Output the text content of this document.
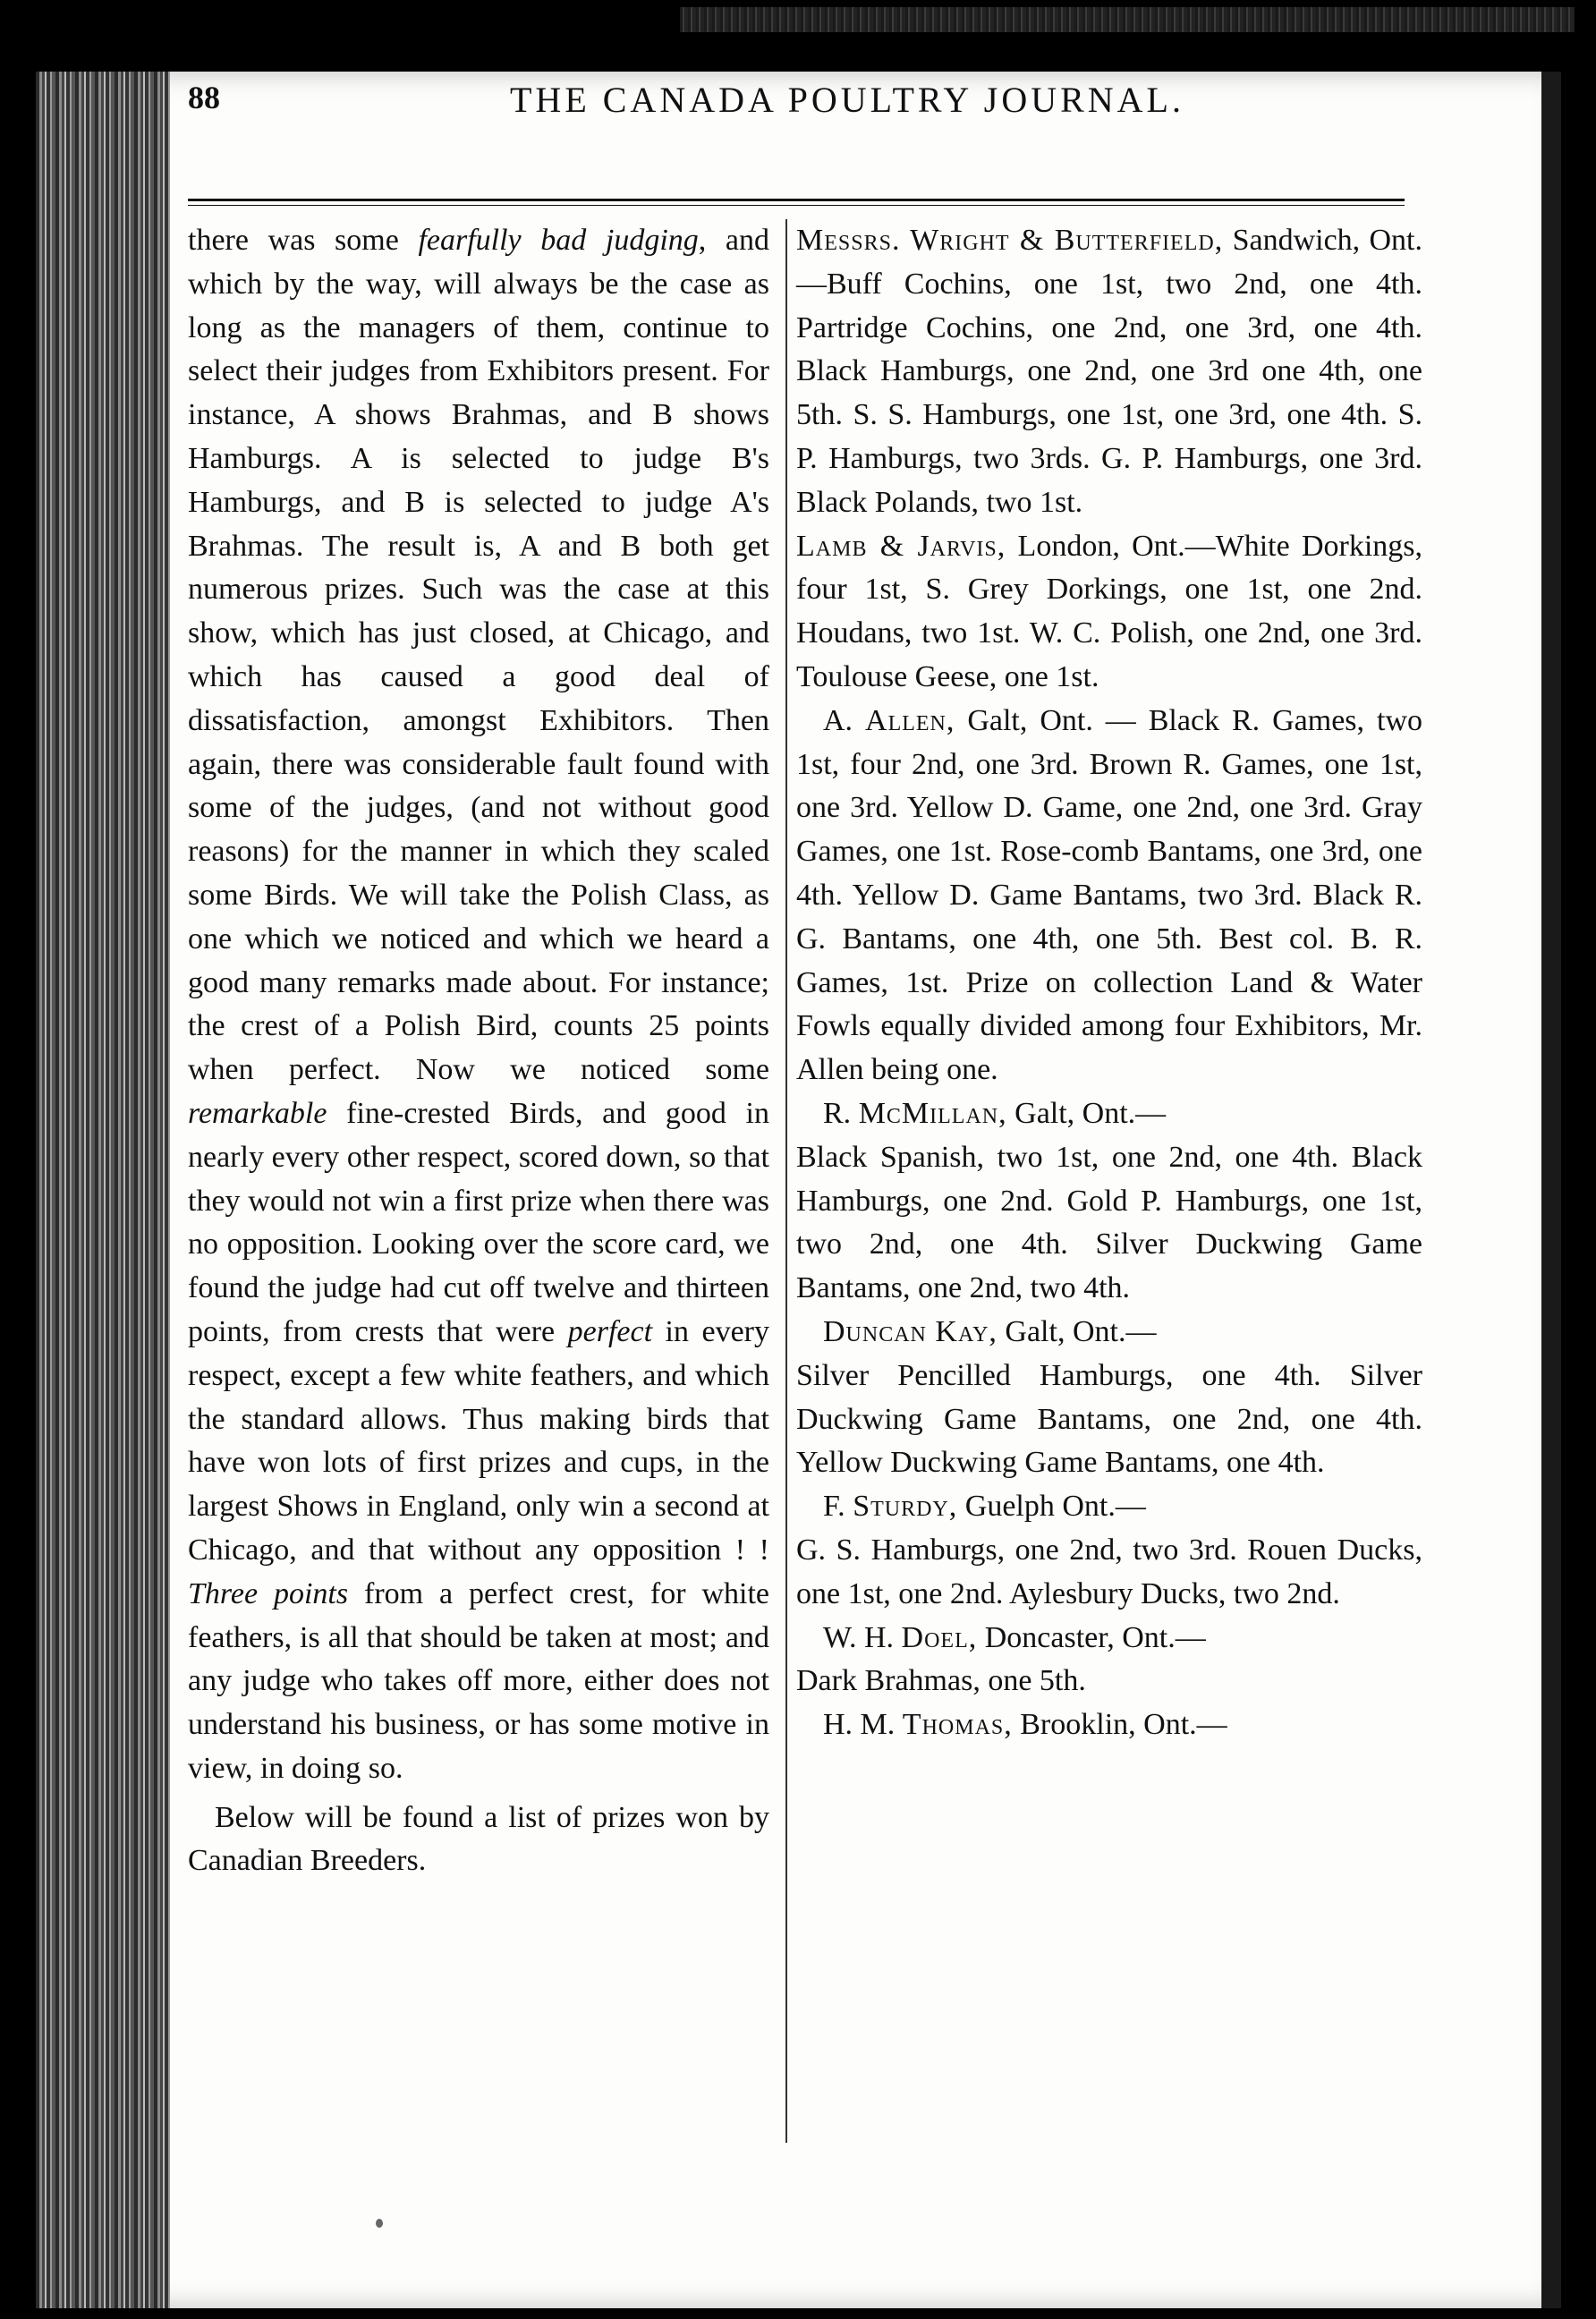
88	THE CANADA POULTRY JOURNAL.

there was some fearfully bad judging, and which by the way, will always be the case as long as the managers of them, continue to select their judges from Exhibitors present. For instance, A shows Brahmas, and B shows Hamburgs. A is selected to judge B's Hamburgs, and B is selected to judge A's Brahmas. The result is, A and B both get numerous prizes. Such was the case at this show, which has just closed, at Chicago, and which has caused a good deal of dissatisfaction, amongst Exhibitors. Then again, there was considerable fault found with some of the judges, (and not without good reasons) for the manner in which they scaled some Birds. We will take the Polish Class, as one which we noticed and which we heard a good many remarks made about. For instance; the crest of a Polish Bird, counts 25 points when perfect. Now we noticed some remarkable fine-crested Birds, and good in nearly every other respect, scored down, so that they would not win a first prize when there was no opposition. Looking over the score card, we found the judge had cut off twelve and thirteen points, from crests that were perfect in every respect, except a few white feathers, and which the standard allows. Thus making birds that have won lots of first prizes and cups, in the largest Shows in England, only win a second at Chicago, and that without any opposition ! ! Three points from a perfect crest, for white feathers, is all that should be taken at most; and any judge who takes off more, either does not understand his business, or has some motive in view, in doing so.

Below will be found a list of prizes won by Canadian Breeders.

Messrs. Wright & Butterfield, Sandwich, Ont.—Buff Cochins, one 1st, two 2nd, one 4th. Partridge Cochins, one 2nd, one 3rd, one 4th. Black Hamburgs, one 2nd, one 3rd one 4th, one 5th. S. S. Hamburgs, one 1st, one 3rd, one 4th. S. P. Hamburgs, two 3rds. G. P. Hamburgs, one 3rd. Black Polands, two 1st.

Lamb & Jarvis, London, Ont.—White Dorkings, four 1st, S. Grey Dorkings, one 1st, one 2nd. Houdans, two 1st. W. C. Polish, one 2nd, one 3rd. Toulouse Geese, one 1st.

A. Allen, Galt, Ont. — Black R. Games, two 1st, four 2nd, one 3rd. Brown R. Games, one 1st, one 3rd. Yellow D. Game, one 2nd, one 3rd. Gray Games, one 1st. Rose-comb Bantams, one 3rd, one 4th. Yellow D. Game Bantams, two 3rd. Black R. G. Bantams, one 4th, one 5th. Best col. B. R. Games, 1st. Prize on collection Land & Water Fowls equally divided among four Exhibitors, Mr. Allen being one.

R. McMillan, Galt, Ont.—

Black Spanish, two 1st, one 2nd, one 4th. Black Hamburgs, one 2nd. Gold P. Hamburgs, one 1st, two 2nd, one 4th. Silver Duckwing Game Bantams, one 2nd, two 4th.

Duncan Kay, Galt, Ont.—

Silver Pencilled Hamburgs, one 4th. Silver Duckwing Game Bantams, one 2nd, one 4th. Yellow Duckwing Game Bantams, one 4th.

F. Sturdy, Guelph Ont.—

G. S. Hamburgs, one 2nd, two 3rd. Rouen Ducks, one 1st, one 2nd. Aylesbury Ducks, two 2nd.

W. H. Doel, Doncaster, Ont.—

Dark Brahmas, one 5th.

H. M. Thomas, Brooklin, Ont.—
